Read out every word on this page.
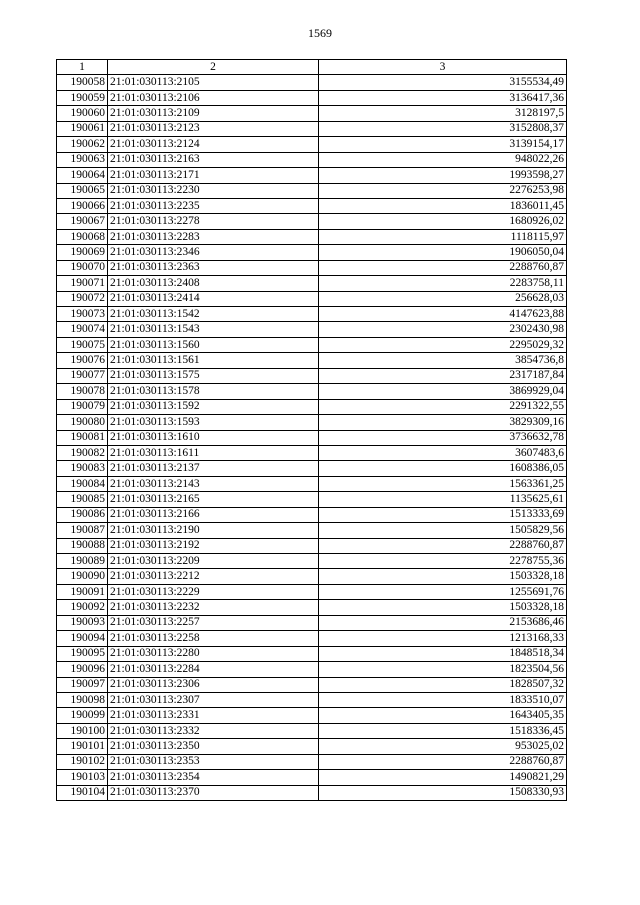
1569
1	2	3
190058	21:01:030113:2105	3155534,49
190059	21:01:030113:2106	3136417,36
190060	21:01:030113:2109	3128197,5
190061	21:01:030113:2123	3152808,37
190062	21:01:030113:2124	3139154,17
190063	21:01:030113:2163	948022,26
190064	21:01:030113:2171	1993598,27
190065	21:01:030113:2230	2276253,98
190066	21:01:030113:2235	1836011,45
190067	21:01:030113:2278	1680926,02
190068	21:01:030113:2283	1118115,97
190069	21:01:030113:2346	1906050,04
190070	21:01:030113:2363	2288760,87
190071	21:01:030113:2408	2283758,11
190072	21:01:030113:2414	256628,03
190073	21:01:030113:1542	4147623,88
190074	21:01:030113:1543	2302430,98
190075	21:01:030113:1560	2295029,32
190076	21:01:030113:1561	3854736,8
190077	21:01:030113:1575	2317187,84
190078	21:01:030113:1578	3869929,04
190079	21:01:030113:1592	2291322,55
190080	21:01:030113:1593	3829309,16
190081	21:01:030113:1610	3736632,78
190082	21:01:030113:1611	3607483,6
190083	21:01:030113:2137	1608386,05
190084	21:01:030113:2143	1563361,25
190085	21:01:030113:2165	1135625,61
190086	21:01:030113:2166	1513333,69
190087	21:01:030113:2190	1505829,56
190088	21:01:030113:2192	2288760,87
190089	21:01:030113:2209	2278755,36
190090	21:01:030113:2212	1503328,18
190091	21:01:030113:2229	1255691,76
190092	21:01:030113:2232	1503328,18
190093	21:01:030113:2257	2153686,46
190094	21:01:030113:2258	1213168,33
190095	21:01:030113:2280	1848518,34
190096	21:01:030113:2284	1823504,56
190097	21:01:030113:2306	1828507,32
190098	21:01:030113:2307	1833510,07
190099	21:01:030113:2331	1643405,35
190100	21:01:030113:2332	1518336,45
190101	21:01:030113:2350	953025,02
190102	21:01:030113:2353	2288760,87
190103	21:01:030113:2354	1490821,29
190104	21:01:030113:2370	1508330,93
